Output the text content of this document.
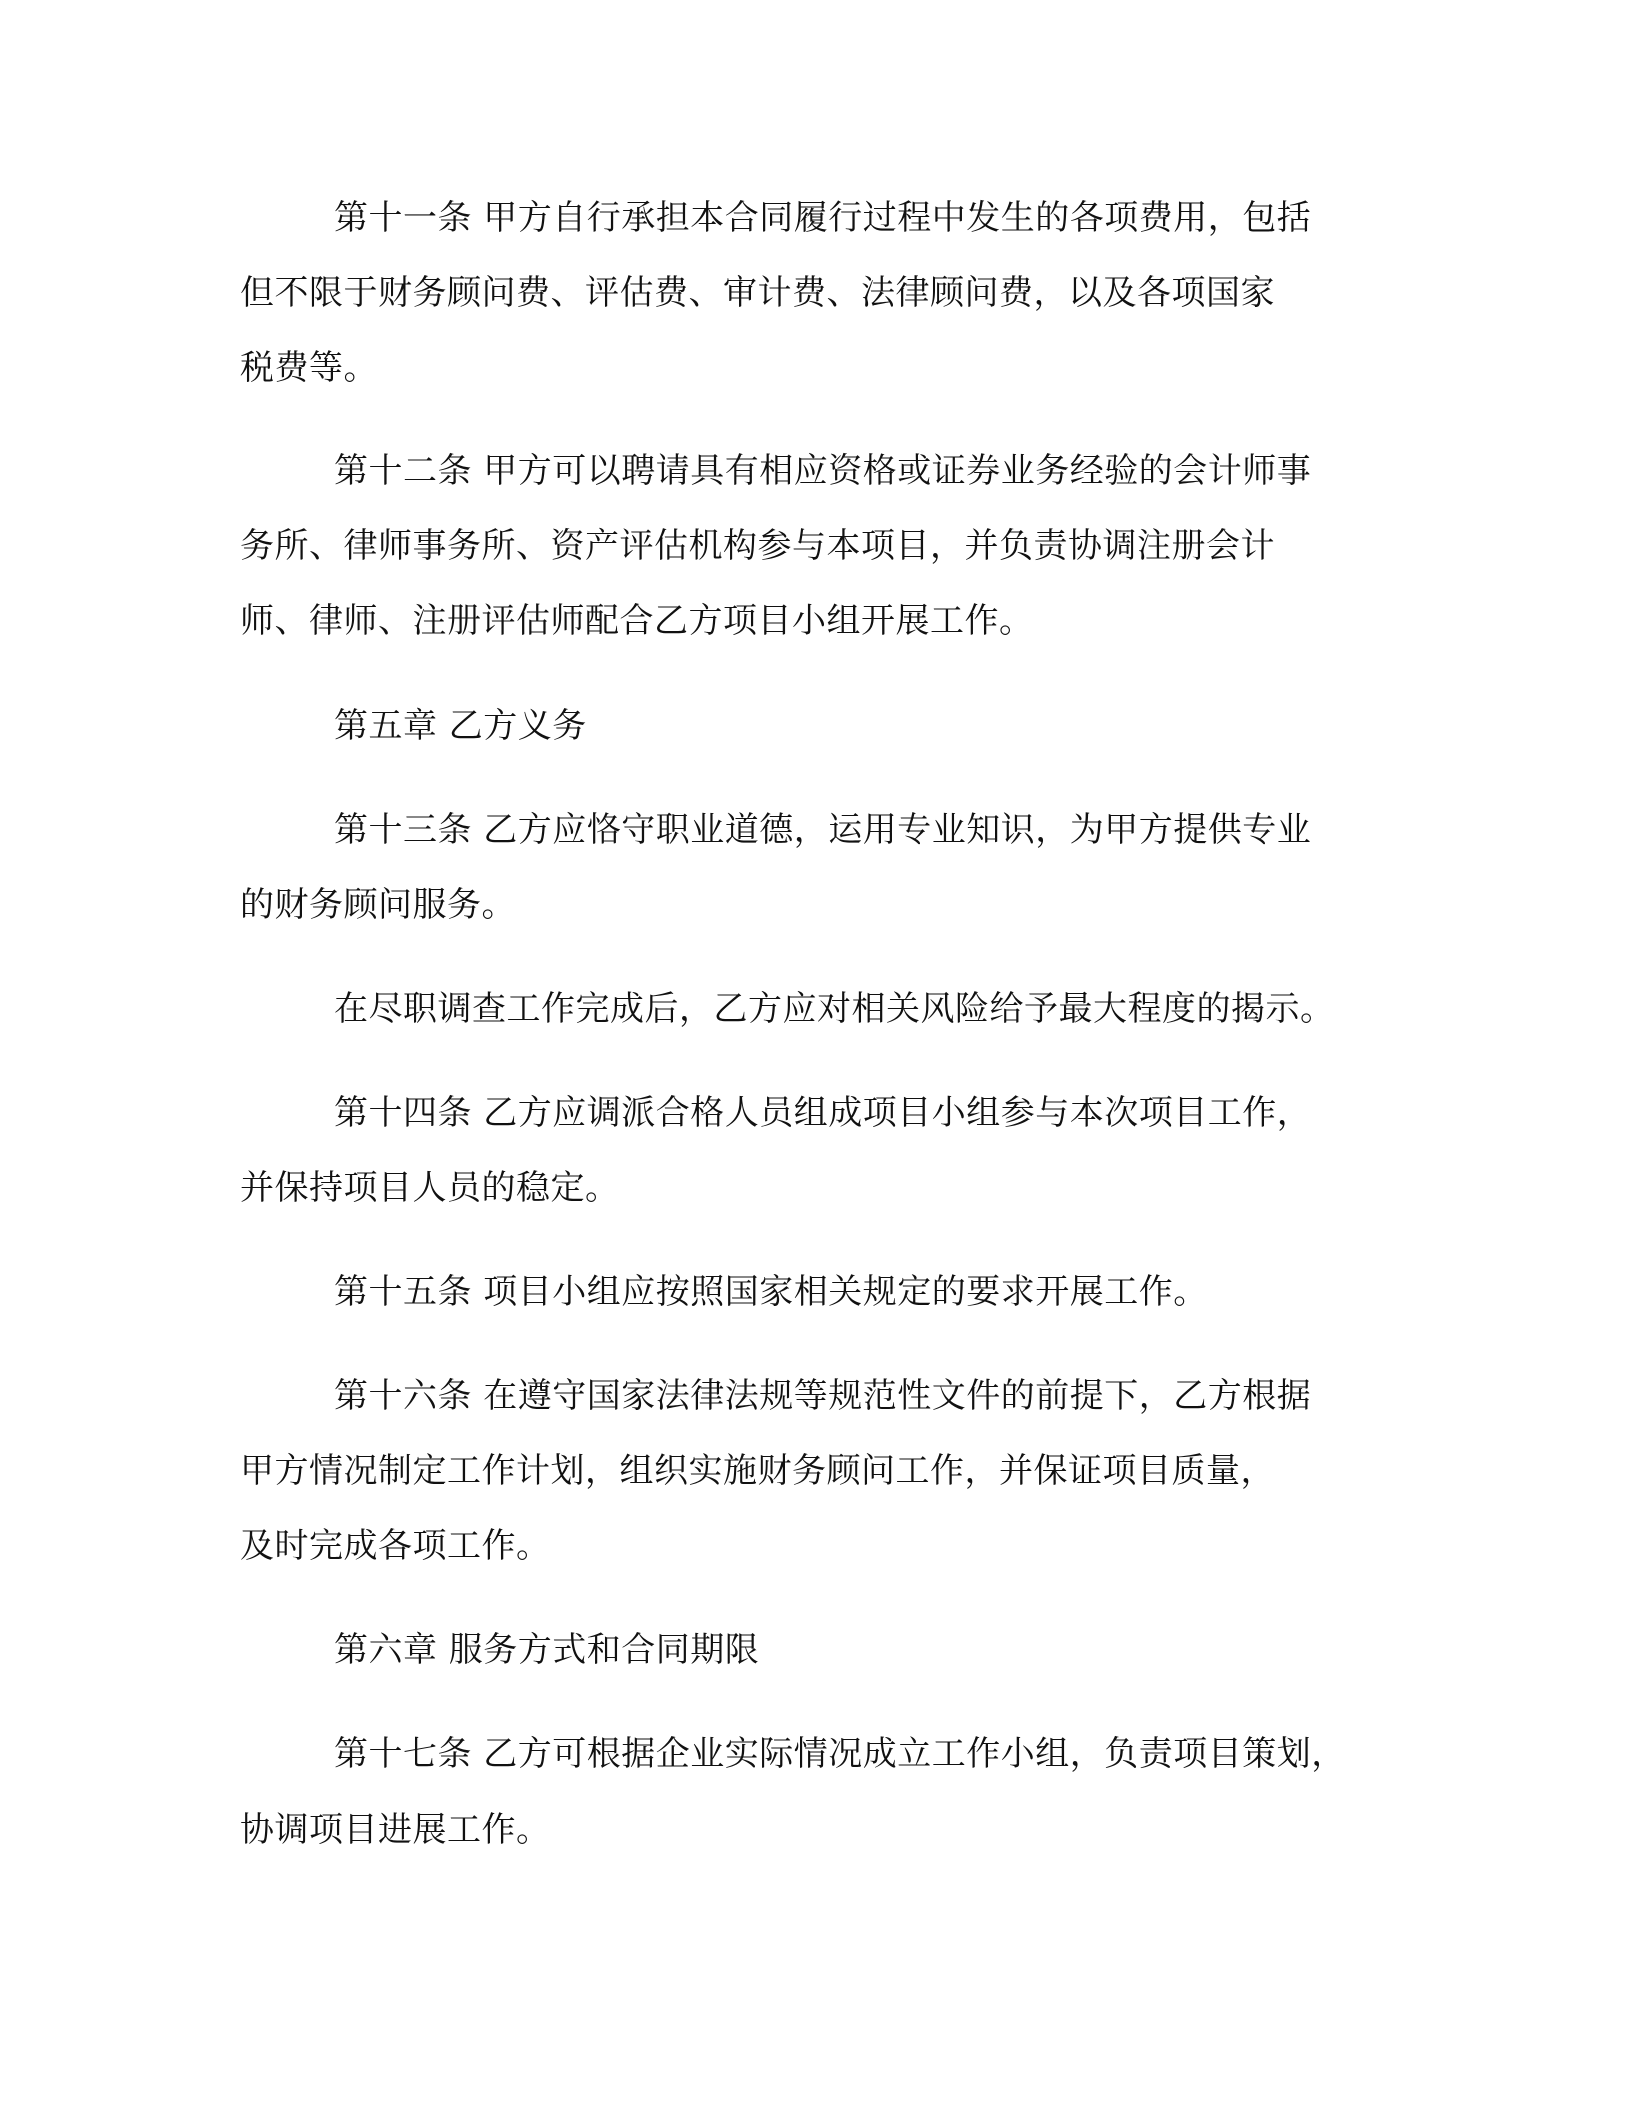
第十一条 甲方自行承担本合同履行过程中发生的各项费用，包括

但不限于财务顾问费、评估费、审计费、法律顾问费，以及各项国家

税费等。

第十二条 甲方可以聘请具有相应资格或证券业务经验的会计师事

务所、律师事务所、资产评估机构参与本项目，并负责协调注册会计

师、律师、注册评估师配合乙方项目小组开展工作。

第五章 乙方义务

第十三条 乙方应恪守职业道德，运用专业知识，为甲方提供专业

的财务顾问服务。

在尽职调查工作完成后，乙方应对相关风险给予最大程度的揭示。

第十四条 乙方应调派合格人员组成项目小组参与本次项目工作，

并保持项目人员的稳定。

第十五条 项目小组应按照国家相关规定的要求开展工作。

第十六条 在遵守国家法律法规等规范性文件的前提下，乙方根据

甲方情况制定工作计划，组织实施财务顾问工作，并保证项目质量，

及时完成各项工作。

第六章 服务方式和合同期限

第十七条 乙方可根据企业实际情况成立工作小组，负责项目策划，

协调项目进展工作。
